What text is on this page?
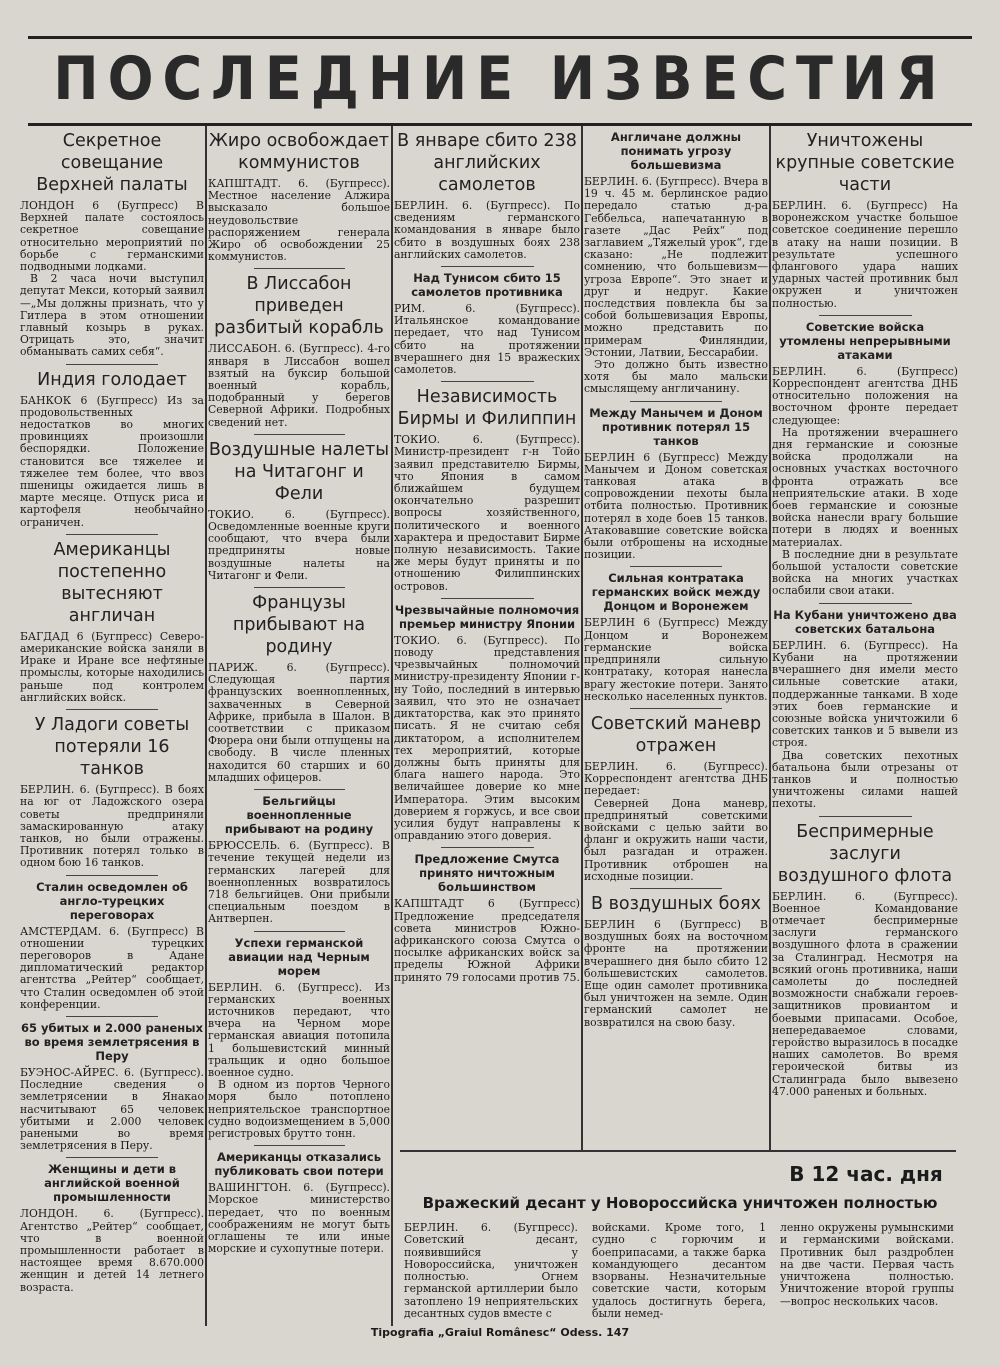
ПОСЛЕДНИЕ ИЗВЕСТИЯ
Секретное совещание Верхней палаты

ЛОНДОН 6 (Бугпресс) В Верхней палате состоялось секретное совещание относительно мероприятий по борьбе с германскими подводными лодками.

В 2 часа ночи выступил депутат Мекси, который заявил—„Мы должны признать, что у Гитлера в этом отношении главный козырь в руках. Отрицать это, значит обманывать самих себя“.

Индия голодает

БАНКОК 6 (Бугпресс) Из за продовольственных недостатков во многих провинциях произошли беспорядки. Положение становится все тяжелее и тяжелее тем более, что ввоз пшеницы ожидается лишь в марте месяце. Отпуск риса и картофеля необычайно ограничен.

Американцы постепенно вытесняют англичан

БАГДАД 6 (Бугпресс) Северо-американские войска заняли в Ираке и Иране все нефтяные промыслы, которые находились раньше под контролем английских войск.

У Ладоги советы потеряли 16 танков

БЕРЛИН. 6. (Бугпресс). В боях на юг от Ладожского озера советы предприняли замаскированную атаку танков, но были отражены. Противник потерял только в одном бою 16 танков.

Сталин осведомлен об англо-турецких переговорах

АМСТЕРДАМ. 6. (Бугпресс) В отношении турецких переговоров в Адане дипломатический редактор агентства „Рейтер“ сообщает, что Сталин осведомлен об этой конференции.

65 убитых и 2.000 раненых во время землетрясения в Перу

БУЭНОС-АЙРЕС. 6. (Бугпресс). Последние сведения о землетрясении в Янакао насчитывают 65 человек убитыми и 2.000 человек ранеными во время землетрясения в Перу.

Женщины и дети в английской военной промышленности

ЛОНДОН. 6. (Бугпресс). Агентство „Рейтер“ сообщает, что в военной промышленности работает в настоящее время 8.670.000 женщин и детей 14 летнего возраста.

Жиро освобождает коммунистов

КАПШТАДТ. 6. (Бугпресс). Местное население Алжира высказало большое неудовольствие распоряжением генерала Жиро об освобождении 25 коммунистов.

В Лиссабон приведен разбитый корабль

ЛИССАБОН. 6. (Бугпресс). 4-го января в Лиссабон вошел взятый на буксир большой военный корабль, подобранный у берегов Северной Африки. Подробных сведений нет.

Воздушные налеты на Читагонг и Фели

ТОКИО. 6. (Бугпресс). Осведомленные военные круги сообщают, что вчера были предприняты новые воздушные налеты на Читагонг и Фели.

Французы прибывают на родину

ПАРИЖ. 6. (Бугпресс). Следующая партия французских военнопленных, захваченных в Северной Африке, прибыла в Шалон. В соответствии с приказом Фюрера они были отпущены на свободу. В числе пленных находится 60 старших и 60 младших офицеров.

Бельгийцы военнопленные прибывают на родину

БРЮССЕЛЬ. 6. (Бугпресс). В течение текущей недели из германских лагерей для военнопленных возвратилось 718 бельгийцев. Они прибыли специальным поездом в Антверпен.

Успехи германской авиации над Черным морем

БЕРЛИН. 6. (Бугпресс). Из германских военных источников передают, что вчера на Черном море германская авиация потопила 1 большевистский минный тральщик и одно большое военное судно.

В одном из портов Черного моря было потоплено неприятельское транспортное судно водоизмещением в 5,000 регистровых брутто тонн.

Американцы отказались публиковать свои потери

ВАШИНГТОН. 6. (Бугпресс). Морское министерство передает, что по военным соображениям не могут быть оглашены те или иные морские и сухопутные потери.

В январе сбито 238 английских самолетов

БЕРЛИН. 6. (Бугпресс). По сведениям германского командования в январе было сбито в воздушных боях 238 английских самолетов.

Над Тунисом сбито 15 самолетов противника

РИМ. 6. (Бугпресс). Итальянское командование передает, что над Тунисом сбито на протяжении вчерашнего дня 15 вражеских самолетов.

Независимость Бирмы и Филиппин

ТОКИО. 6. (Бугпресс). Министр-президент г-н Тойо заявил представителю Бирмы, что Япония в самом ближайшем будущем окончательно разрешит вопросы хозяйственного, политического и военного характера и предоставит Бирме полную независимость. Такие же меры будут приняты и по отношению Филиппинских островов.

Чрезвычайные полномочия премьер министру Японии

ТОКИО. 6. (Бугпресс). По поводу представления чрезвычайных полномочий министру-президенту Японии г-ну Тойо, последний в интервью заявил, что это не означает диктаторства, как это принято писать. Я не считаю себя диктатором, а исполнителем тех мероприятий, которые должны быть приняты для блага нашего народа. Это величайшее доверие ко мне Императора. Этим высоким доверием я горжусь, и все свои усилия будут направлены к оправданию этого доверия.

Предложение Смутса принято ничтожным большинством

КАПШТАДТ 6 (Бугпресс) Предложение председателя совета министров Южно-африканского союза Смутса о посылке африканских войск за пределы Южной Африки принято 79 голосами против 75.

Англичане должны понимать угрозу большевизма

БЕРЛИН. 6. (Бугпресс). Вчера в 19 ч. 45 м. берлинское радио передало статью д-ра Геббельса, напечатанную в газете „Дас Рейх“ под заглавием „Тяжелый урок“, где сказано: „Не подлежит сомнению, что большевизм—угроза Европе“. Это знает и друг и недруг. Какие последствия повлекла бы за собой большевизация Европы, можно представить по примерам Финляндии, Эстонии, Латвии, Бессарабии.

Это должно быть известно хотя бы мало мальски смыслящему англичанину.

Между Манычем и Доном противник потерял 15 танков

БЕРЛИН 6 (Бугпресс) Между Манычем и Доном советская танковая атака в сопровождении пехоты была отбита полностью. Противник потерял в ходе боев 15 танков. Атаковавшие советские войска были отброшены на исходные позиции.

Сильная контратака германских войск между Донцом и Воронежем

БЕРЛИН 6 (Бугпресс) Между Донцом и Воронежем германские войска предприняли сильную контратаку, которая нанесла врагу жестокие потери. Занято несколько населенных пунктов.

Советский маневр отражен

БЕРЛИН. 6. (Бугпресс). Корреспондент агентства ДНБ передает:

Северней Дона маневр, предпринятый советскими войсками с целью зайти во фланг и окружить наши части, был разгадан и отражен. Противник отброшен на исходные позиции.

В воздушных боях

БЕРЛИН 6 (Бугпресс) В воздушных боях на восточном фронте на протяжении вчерашнего дня было сбито 12 большевистских самолетов. Еще один самолет противника был уничтожен на земле. Один германский самолет не возвратился на свою базу.

Уничтожены крупные советские части

БЕРЛИН. 6. (Бугпресс) На воронежском участке большое советское соединение перешло в атаку на наши позиции. В результате успешного флангового удара наших ударных частей противник был окружен и уничтожен полностью.

Советские войска утомлены непрерывными атаками

БЕРЛИН. 6. (Бугпресс) Корреспондент агентства ДНБ относительно положения на восточном фронте передает следующее:

На протяжении вчерашнего дня германские и союзные войска продолжали на основных участках восточного фронта отражать все неприятельские атаки. В ходе боев германские и союзные войска нанесли врагу большие потери в людях и военных материалах.

В последние дни в результате большой усталости советские войска на многих участках ослабили свои атаки.

На Кубани уничтожено два советских батальона

БЕРЛИН. 6. (Бугпресс). На Кубани на протяжении вчерашнего дня имели место сильные советские атаки, поддержанные танками. В ходе этих боев германские и союзные войска уничтожили 6 советских танков и 5 вывели из строя.

Два советских пехотных батальона были отрезаны от танков и полностью уничтожены силами нашей пехоты.

Беспримерные заслуги воздушного флота

БЕРЛИН. 6. (Бугпресс). Военное Командование отмечает беспримерные заслуги германского воздушного флота в сражении за Сталинград. Несмотря на всякий огонь противника, наши самолеты до последней возможности снабжали героев-защитников провиантом и боевыми припасами. Особое, непередаваемое словами, геройство выразилось в посадке наших самолетов. Во время героической битвы из Сталинграда было вывезено 47.000 раненых и больных.

В 12 час. дня
Вражеский десант у Новороссийска уничтожен полностью
БЕРЛИН. 6. (Бугпресс). Советский десант, появившийся у Новороссийска, уничтожен полностью. Огнем германской артиллерии было затоплено 19 неприятельских десантных судов вместе с
войсками. Кроме того, 1 судно с горючим и боеприпасами, а также барка командующего десантом взорваны. Незначительные советские части, которым удалось достигнуть берега, были немед-
ленно окружены румынскими и германскими войсками. Противник был раздроблен на две части. Первая часть уничтожена полностью. Уничтожение второй группы—вопрос нескольких часов.
Tipografia „Graiul Românesc“ Odess. 147
